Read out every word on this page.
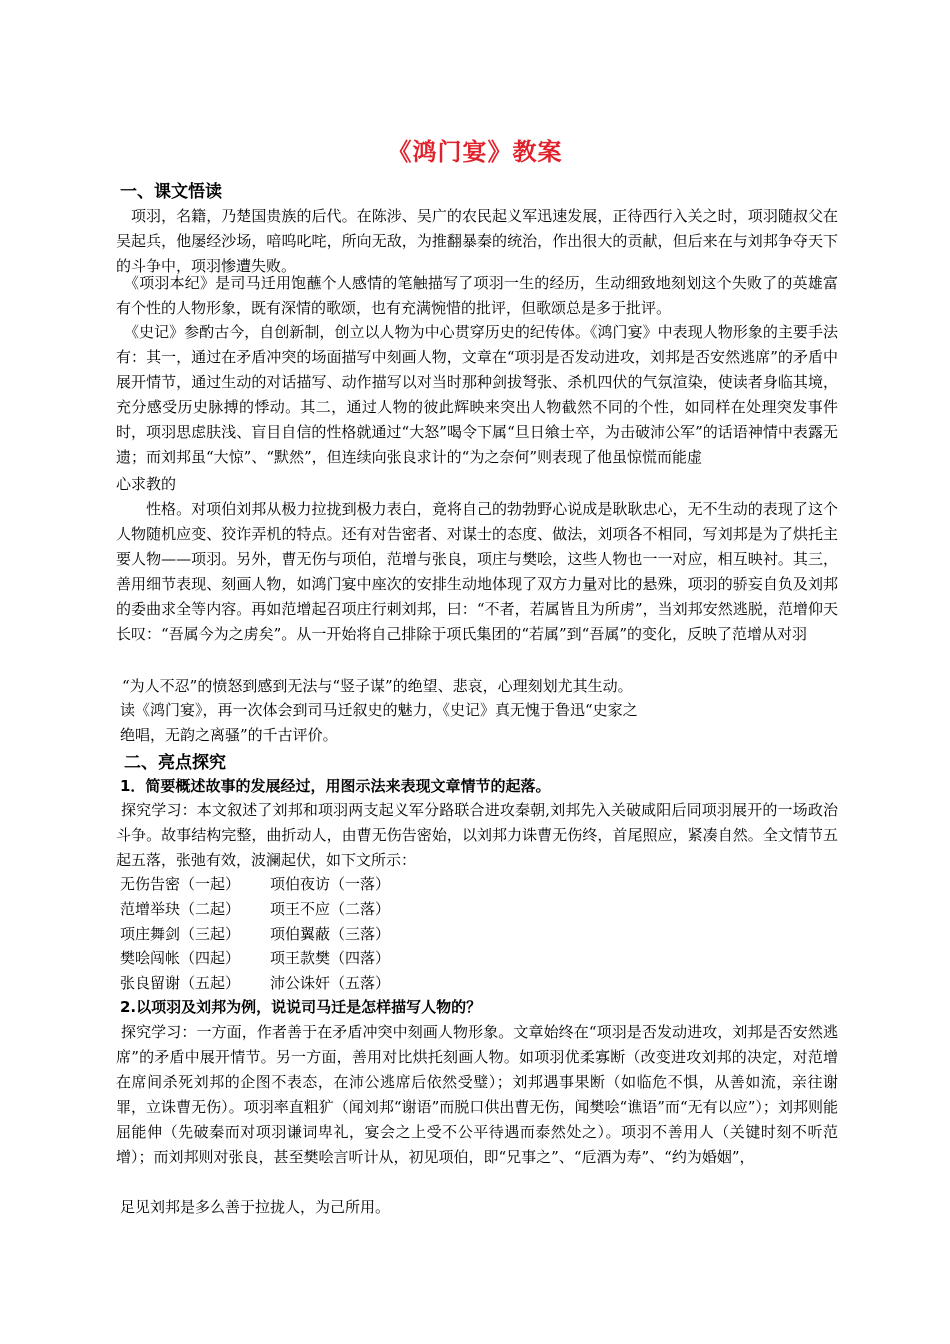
《鸿门宴》教案
一、课文悟读

项羽，名籍，乃楚国贵族的后代。在陈涉、吴广的农民起义军迅速发展，正待西行入关之时，项羽随叔父在吴起兵，他屡经沙场，喑呜叱咤，所向无敌，为推翻暴秦的统治，作出很大的贡献，但后来在与刘邦争夺天下的斗争中，项羽惨遭失败。

《项羽本纪》是司马迁用饱蘸个人感情的笔触描写了项羽一生的经历，生动细致地刻划这个失败了的英雄富有个性的人物形象，既有深情的歌颂，也有充满惋惜的批评，但歌颂总是多于批评。

《史记》参酌古今，自创新制，创立以人物为中心贯穿历史的纪传体。《鸿门宴》中表现人物形象的主要手法有：其一，通过在矛盾冲突的场面描写中刻画人物，文章在“项羽是否发动进攻，刘邦是否安然逃席”的矛盾中展开情节，通过生动的对话描写、动作描写以对当时那种剑拔弩张、杀机四伏的气氛渲染，使读者身临其境，充分感受历史脉搏的悸动。其二，通过人物的彼此辉映来突出人物截然不同的个性，如同样在处理突发事件时，项羽思虑肤浅、盲目自信的性格就通过“大怒”喝令下属“旦日飨士卒，为击破沛公军”的话语神情中表露无遗；而刘邦虽“大惊”、“默然”，但连续向张良求计的“为之奈何”则表现了他虽惊慌而能虚

心求教的

性格。对项伯刘邦从极力拉拢到极力表白，竟将自己的勃勃野心说成是耿耿忠心，无不生动的表现了这个人物随机应变、狡诈弄机的特点。还有对告密者、对谋士的态度、做法，刘项各不相同，写刘邦是为了烘托主要人物——项羽。另外，曹无伤与项伯，范增与张良，项庄与樊哙，这些人物也一一对应，相互映衬。其三，善用细节表现、刻画人物，如鸿门宴中座次的安排生动地体现了双方力量对比的悬殊，项羽的骄妄自负及刘邦的委曲求全等内容。再如范增起召项庄行刺刘邦，曰：“不者，若属皆且为所虏”，当刘邦安然逃脱，范增仰天长叹：“吾属今为之虏矣”。从一开始将自己排除于项氏集团的“若属”到“吾属”的变化，反映了范增从对羽

“为人不忍”的愤怒到感到无法与“竖子谋”的绝望、悲哀，心理刻划尤其生动。
读《鸿门宴》，再一次体会到司马迁叙史的魅力，《史记》真无愧于鲁迅“史家之
绝唱，无韵之离骚”的千古评价。
二、亮点探究
1．简要概述故事的发展经过，用图示法来表现文章情节的起落。

探究学习：本文叙述了刘邦和项羽两支起义军分路联合进攻秦朝,刘邦先入关破咸阳后同项羽展开的一场政治斗争。故事结构完整，曲折动人，由曹无伤告密始，以刘邦力诛曹无伤终，首尾照应，紧凑自然。全文情节五起五落，张弛有效，波澜起伏，如下文所示：

无伤告密（一起） 项伯夜访（一落）
范增举玦（二起） 项王不应（二落）
项庄舞剑（三起） 项伯翼蔽（三落）
樊哙闯帐（四起） 项王款樊（四落）
张良留谢（五起） 沛公诛奸（五落）
2.以项羽及刘邦为例，说说司马迁是怎样描写人物的？

探究学习：一方面，作者善于在矛盾冲突中刻画人物形象。文章始终在“项羽是否发动进攻，刘邦是否安然逃席”的矛盾中展开情节。另一方面，善用对比烘托刻画人物。如项羽优柔寡断（改变进攻刘邦的决定，对范增在席间杀死刘邦的企图不表态，在沛公逃席后依然受璧）；刘邦遇事果断（如临危不惧，从善如流，亲往谢罪，立诛曹无伤）。项羽率直粗犷（闻刘邦“谢语”而脱口供出曹无伤，闻樊哙“谯语”而“无有以应”）；刘邦则能屈能伸（先破秦而对项羽谦词卑礼，宴会之上受不公平待遇而泰然处之）。项羽不善用人（关键时刻不听范增）；而刘邦则对张良，甚至樊哙言听计从，初见项伯，即“兄事之”、“卮酒为寿”、“约为婚姻”，

足见刘邦是多么善于拉拢人，为己所用。
